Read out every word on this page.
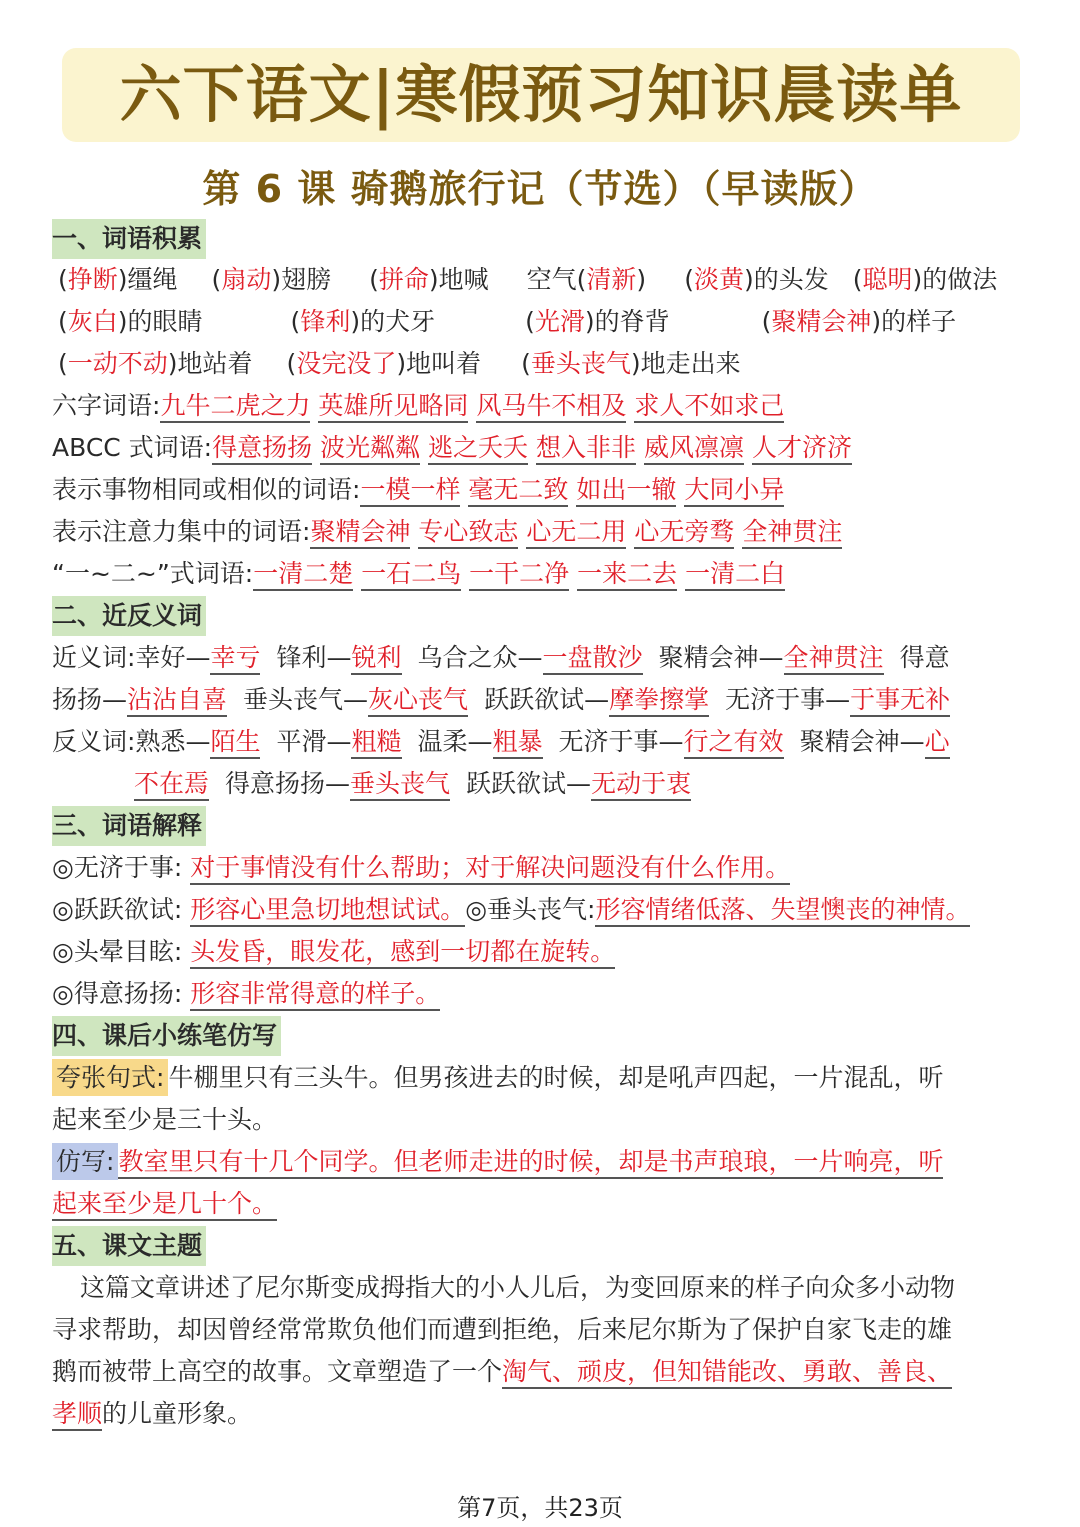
六下语文|寒假预习知识晨读单
第 6 课 骑鹅旅行记（节选）（早读版）
一、词语积累
(挣断)缰绳 (扇动)翅膀 (拼命)地喊 空气(清新) (淡黄)的头发 (聪明)的做法
(灰白)的眼睛	(锋利)的犬牙	(光滑)的脊背	(聚精会神)的样子
(一动不动)地站着 (没完没了)地叫着 (垂头丧气)地走出来
六字词语:九牛二虎之力 英雄所见略同 风马牛不相及 求人不如求己
ABCC 式词语:得意扬扬 波光粼粼 逃之夭夭 想入非非 威风凛凛 人才济济
表示事物相同或相似的词语:一模一样 毫无二致 如出一辙 大同小异
表示注意力集中的词语:聚精会神 专心致志 心无二用 心无旁骛 全神贯注
“一~二~”式词语:一清二楚 一石二鸟 一干二净 一来二去 一清二白
二、近反义词
近义词:幸好—幸亏 锋利—锐利 乌合之众—一盘散沙 聚精会神—全神贯注 得意
扬扬—沾沾自喜 垂头丧气—灰心丧气 跃跃欲试—摩拳擦掌 无济于事—于事无补
反义词:熟悉—陌生 平滑—粗糙 温柔—粗暴 无济于事—行之有效 聚精会神—心
不在焉 得意扬扬—垂头丧气 跃跃欲试—无动于衷
三、词语解释
◎无济于事: 对于事情没有什么帮助；对于解决问题没有什么作用。
◎跃跃欲试: 形容心里急切地想试试。◎垂头丧气:形容情绪低落、失望懊丧的神情。
◎头晕目眩: 头发昏，眼发花，感到一切都在旋转。
◎得意扬扬: 形容非常得意的样子。
四、课后小练笔仿写
夸张句式: 牛棚里只有三头牛。但男孩进去的时候，却是吼声四起，一片混乱，听
起来至少是三十头。
仿写: 教室里只有十几个同学。但老师走进的时候，却是书声琅琅，一片响亮，听
起来至少是几十个。
五、课文主题
这篇文章讲述了尼尔斯变成拇指大的小人儿后，为变回原来的样子向众多小动物
寻求帮助，却因曾经常常欺负他们而遭到拒绝，后来尼尔斯为了保护自家飞走的雄
鹅而被带上高空的故事。文章塑造了一个淘气、顽皮，但知错能改、勇敢、善良、
孝顺的儿童形象。
第7页，共23页
